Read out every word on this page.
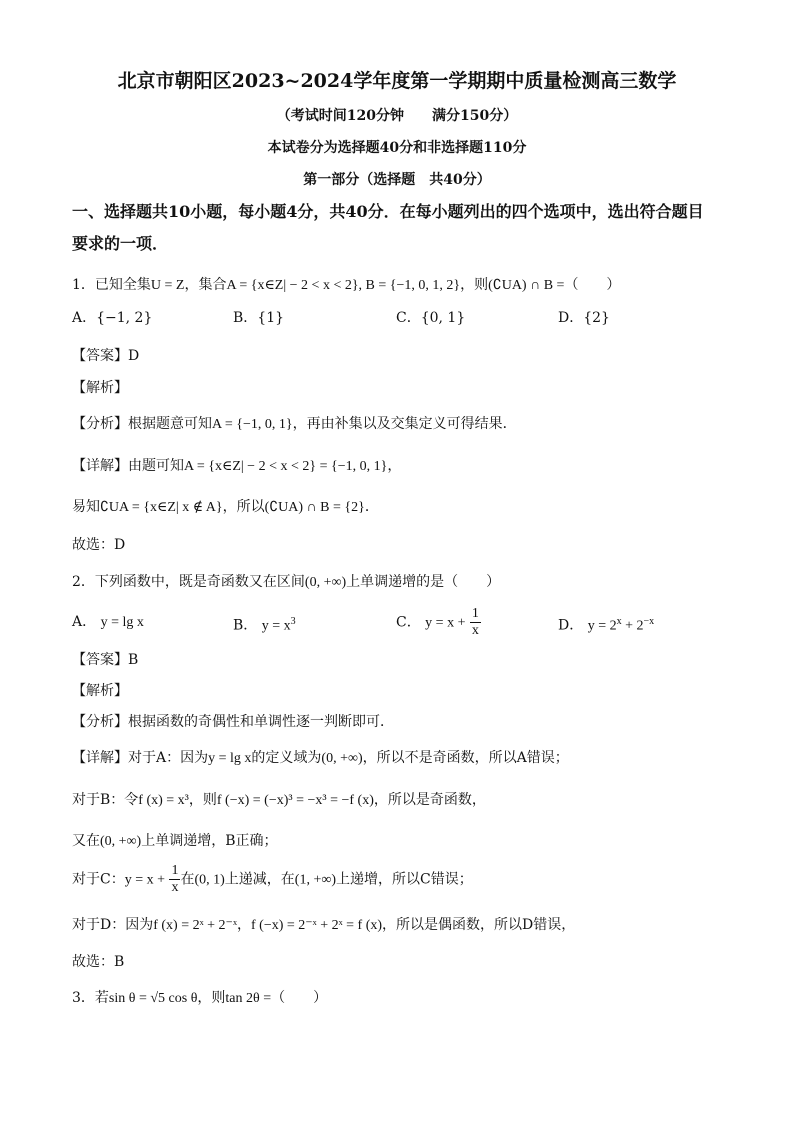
北京市朝阳区2023~2024学年度第一学期期中质量检测高三数学
（考试时间120分钟　　满分150分）
本试卷分为选择题40分和非选择题110分
第一部分（选择题　共40分）
一、选择题共10小题，每小题4分，共40分．在每小题列出的四个选项中，选出符合题目
要求的一项．
1．已知全集U = Z，集合A = {x∈Z| − 2 < x < 2}, B = {−1, 0, 1, 2}，则(∁UA) ∩ B =（　　）
A．{−1, 2}	B．{1}	C．{0, 1}	D．{2}
【答案】D
【解析】
【分析】根据题意可知A = {−1, 0, 1}，再由补集以及交集定义可得结果．
【详解】由题可知A = {x∈Z| − 2 < x < 2} = {−1, 0, 1}，
易知∁UA = {x∈Z| x ∉ A}，所以(∁UA) ∩ B = {2}．
故选：D
2．下列函数中，既是奇函数又在区间(0, +∞)上单调递增的是（　　）
A． y = lg x	B． $y = x^3$	C． $y = x + \frac{1}{x}$	D． $y = 2^x + 2^{-x}$
【答案】B
【解析】
【分析】根据函数的奇偶性和单调性逐一判断即可．
【详解】对于A：因为y = lg x的定义域为(0, +∞)，所以不是奇函数，所以A错误；
对于B：令f (x) = x³，则f (−x) = (−x)³ = −x³ = −f (x)，所以是奇函数，
又在(0, +∞)上单调递增，B正确；
对于C：$y = x + \frac{1}{x}$ 在(0, 1)上递减，在(1, +∞)上递增，所以C错误；
对于D：因为f (x) = 2ˣ + 2⁻ˣ，f (−x) = 2⁻ˣ + 2ˣ = f (x)，所以是偶函数，所以D错误，
故选：B
3．若sin θ = √5 cos θ，则tan 2θ =（　　）
